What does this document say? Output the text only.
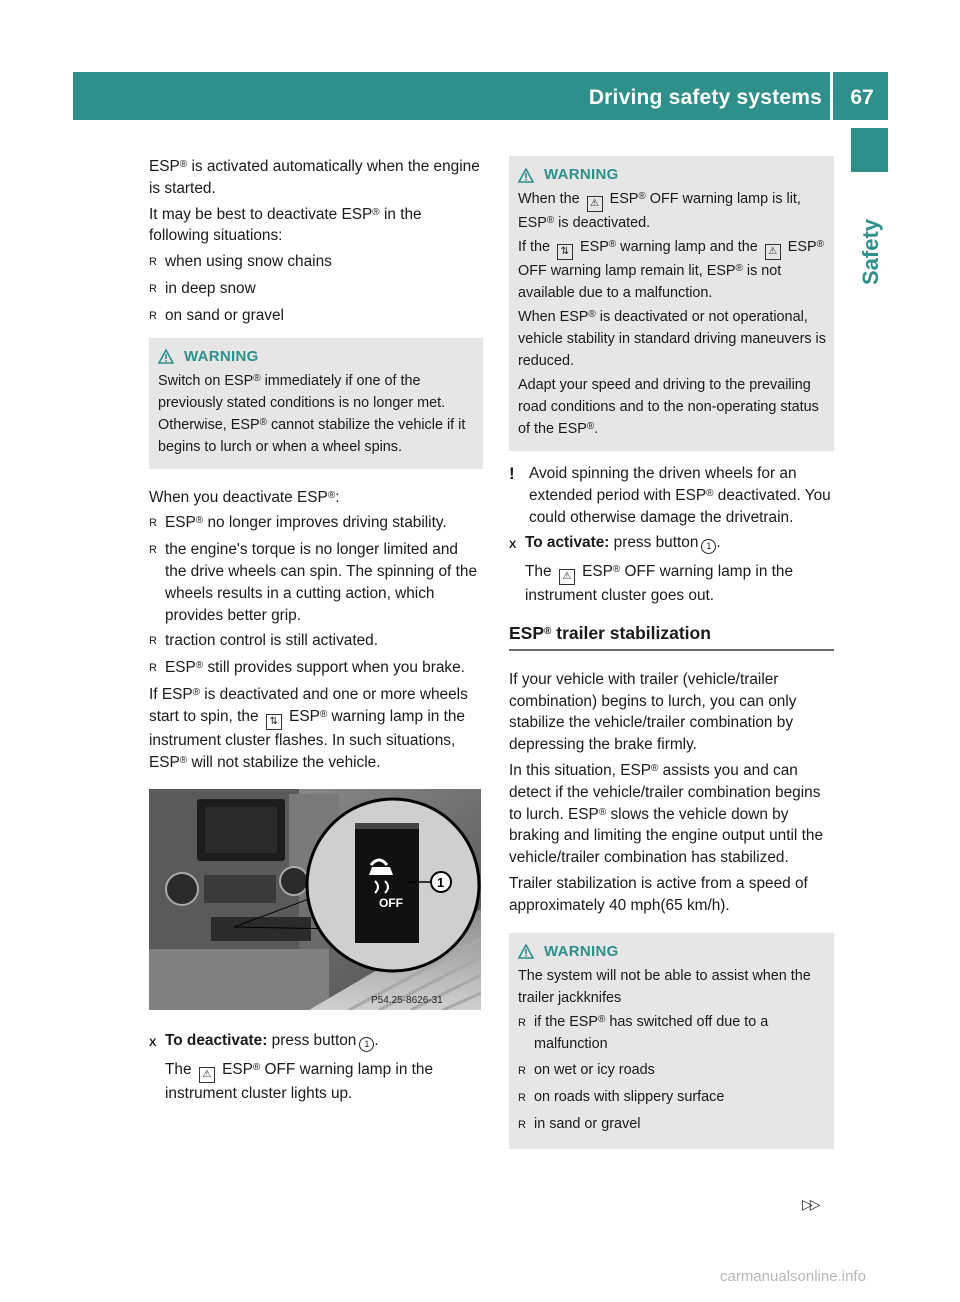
Driving safety systems	67
Safety

ESP® is activated automatically when the engine is started.

It may be best to deactivate ESP® in the following situations:

R when using snow chains
R in deep snow
R on sand or gravel
WARNING

Switch on ESP® immediately if one of the previously stated conditions is no longer met. Otherwise, ESP® cannot stabilize the vehicle if it begins to lurch or when a wheel spins.

When you deactivate ESP®:

R ESP® no longer improves driving stability.
R the engine's torque is no longer limited and the drive wheels can spin. The spinning of the wheels results in a cutting action, which provides better grip.
R traction control is still activated.
R ESP® still provides support when you brake.

If ESP® is deactivated and one or more wheels start to spin, the ⇅ ESP® warning lamp in the instrument cluster flashes. In such situations, ESP® will not stabilize the vehicle.

OFF
1
P54.25-8626-31
X To deactivate: press button 1 .
The ⚠ ESP® OFF warning lamp in the instrument cluster lights up.
WARNING

When the ⚠ ESP® OFF warning lamp is lit, ESP® is deactivated.

If the ⇅ ESP® warning lamp and the ⚠ ESP® OFF warning lamp remain lit, ESP® is not available due to a malfunction.

When ESP® is deactivated or not operational, vehicle stability in standard driving maneuvers is reduced.

Adapt your speed and driving to the prevailing road conditions and to the non-operating status of the ESP®.

! Avoid spinning the driven wheels for an extended period with ESP® deactivated. You could otherwise damage the drivetrain.
X To activate: press button 1 .
The ⚠ ESP® OFF warning lamp in the instrument cluster goes out.
ESP® trailer stabilization

If your vehicle with trailer (vehicle/trailer combination) begins to lurch, you can only stabilize the vehicle/trailer combination by depressing the brake firmly.

In this situation, ESP® assists you and can detect if the vehicle/trailer combination begins to lurch. ESP® slows the vehicle down by braking and limiting the engine output until the vehicle/trailer combination has stabilized.

Trailer stabilization is active from a speed of approximately 40 mph(65 km/h).

WARNING

The system will not be able to assist when the trailer jackknifes

R if the ESP® has switched off due to a malfunction
R on wet or icy roads
R on roads with slippery surface
R in sand or gravel
▷▷
carmanualsonline.info
